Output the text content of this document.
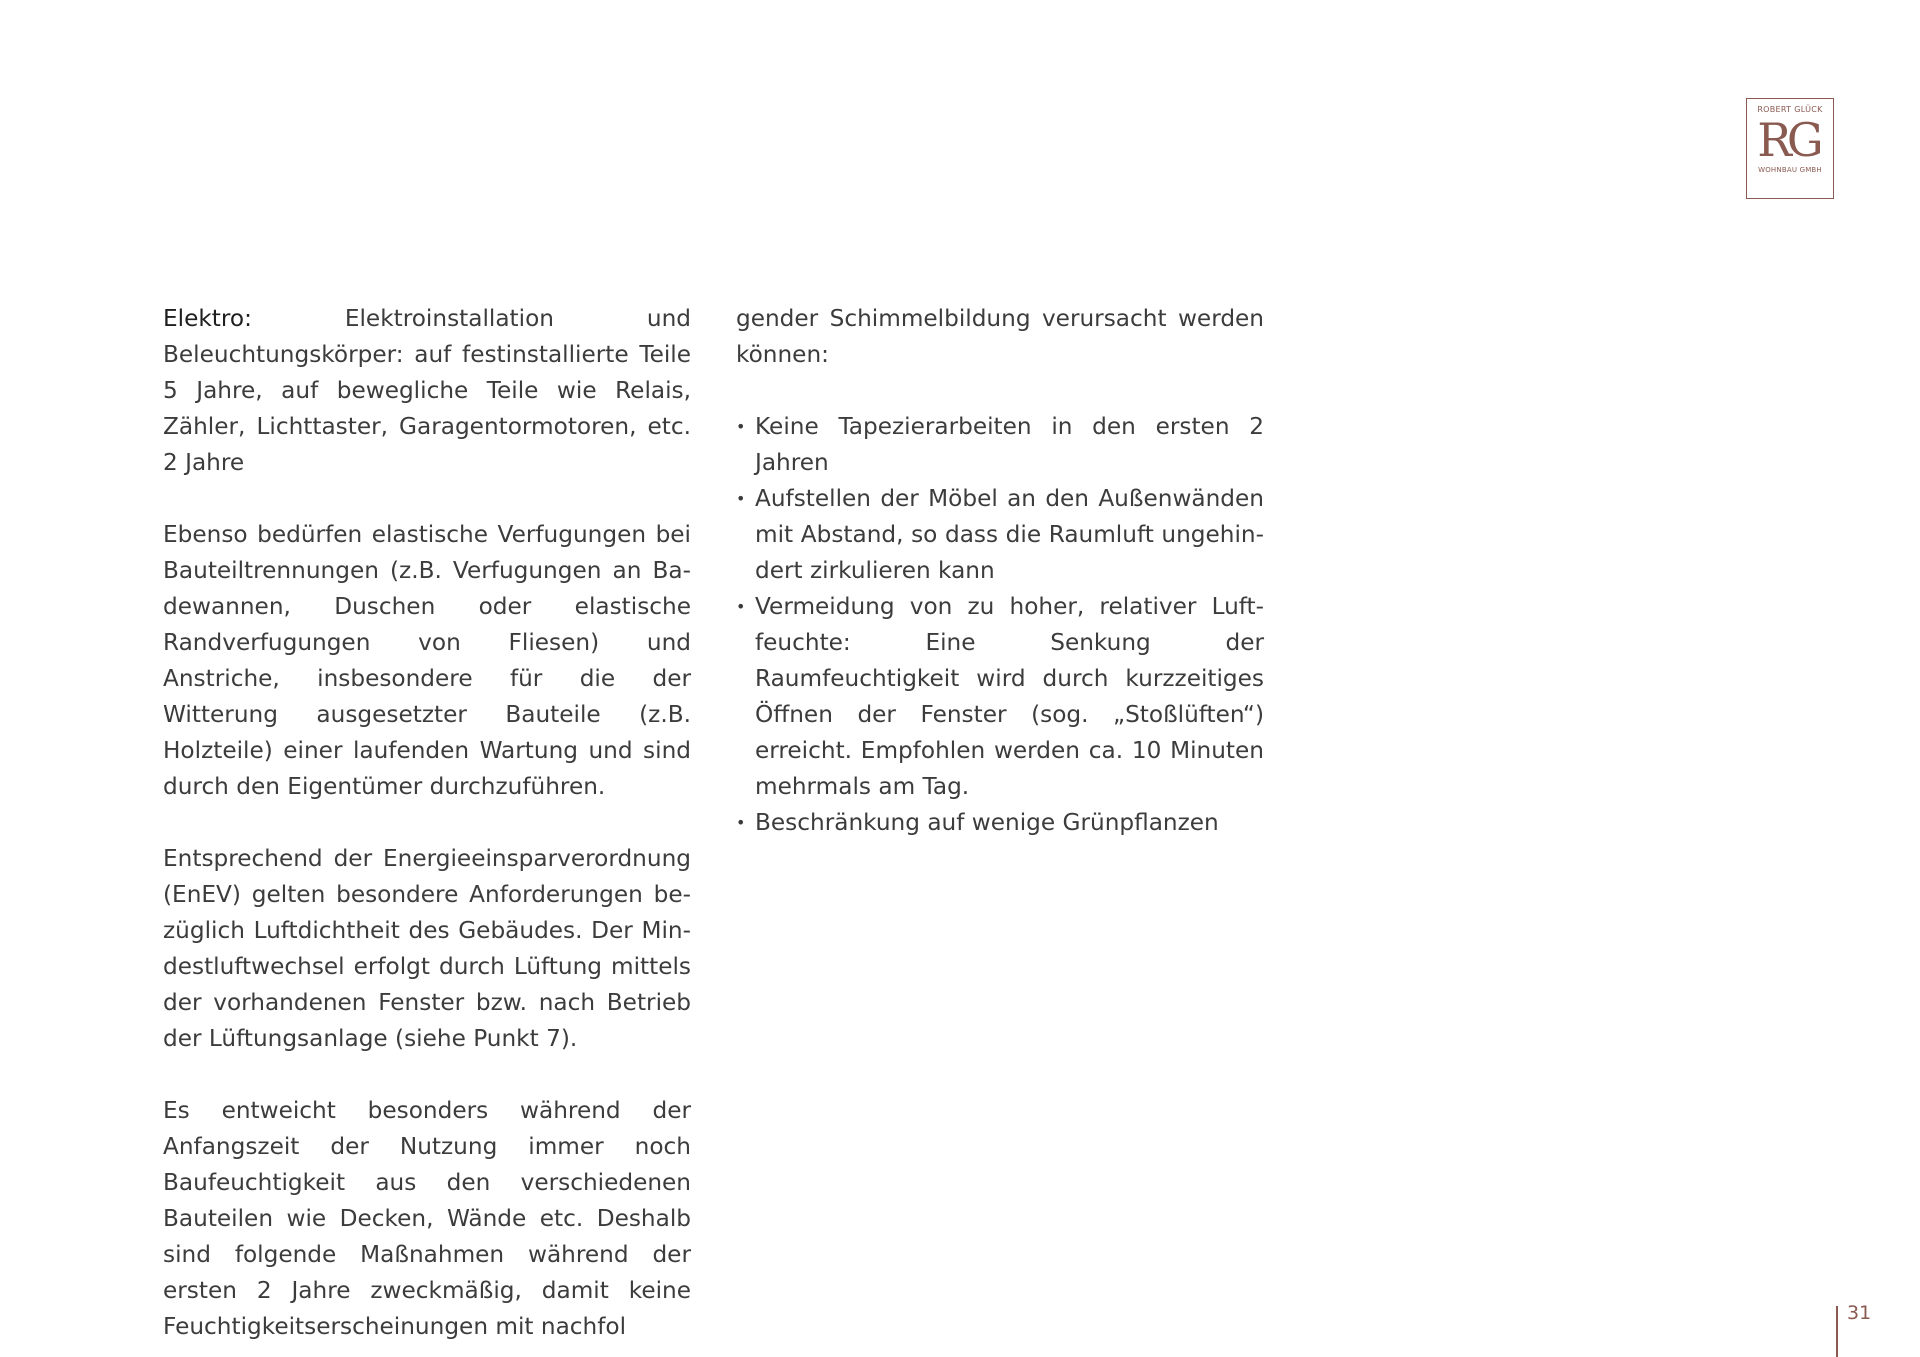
ROBERT GLÜCK
RG
WOHNBAU GMBH

Elektro:	Elektroinstallation und Beleuchtungskörper: auf festinstallierte Teile 5 Jahre, auf bewegliche Teile wie Relais, Zähler, Lichttaster, Garagentormotoren, etc. 2 Jahre

Ebenso bedürfen elastische Verfugungen bei Bauteiltrennungen (z.B. Verfugungen an Badewannen, Duschen oder elastische Randverfugungen von Fliesen) und Anstriche, insbesondere für die der Witterung ausgesetzter Bauteile (z.B. Holzteile) einer laufenden Wartung und sind durch den Eigentümer durchzuführen.

Entsprechend der Energieeinsparverordnung (EnEV) gelten besondere Anforderungen bezüglich Luftdichtheit des Gebäudes. Der Mindestluftwechsel erfolgt durch Lüftung mittels der vorhandenen Fenster bzw. nach Betrieb der Lüftungsanlage (siehe Punkt 7).

Es entweicht besonders während der Anfangszeit der Nutzung immer noch Baufeuchtigkeit aus den verschiedenen Bauteilen wie Decken, Wände etc. Deshalb sind folgende Maßnahmen während der ersten 2 Jahre zweckmäßig, damit keine Feuchtigkeitserscheinungen mit nachfol

gender Schimmelbildung verursacht werden können:

• Keine Tapezierarbeiten in den ersten 2 Jahren
• Aufstellen der Möbel an den Außenwänden mit Abstand, so dass die Raumluft ungehindert zirkulieren kann
• Vermeidung von zu hoher, relativer Luftfeuchte: Eine Senkung der Raumfeuchtigkeit wird durch kurzzeitiges Öffnen der Fenster (sog. „Stoßlüften“) erreicht. Empfohlen werden ca. 10 Minuten mehrmals am Tag.
• Beschränkung auf wenige Grünpflanzen
31
